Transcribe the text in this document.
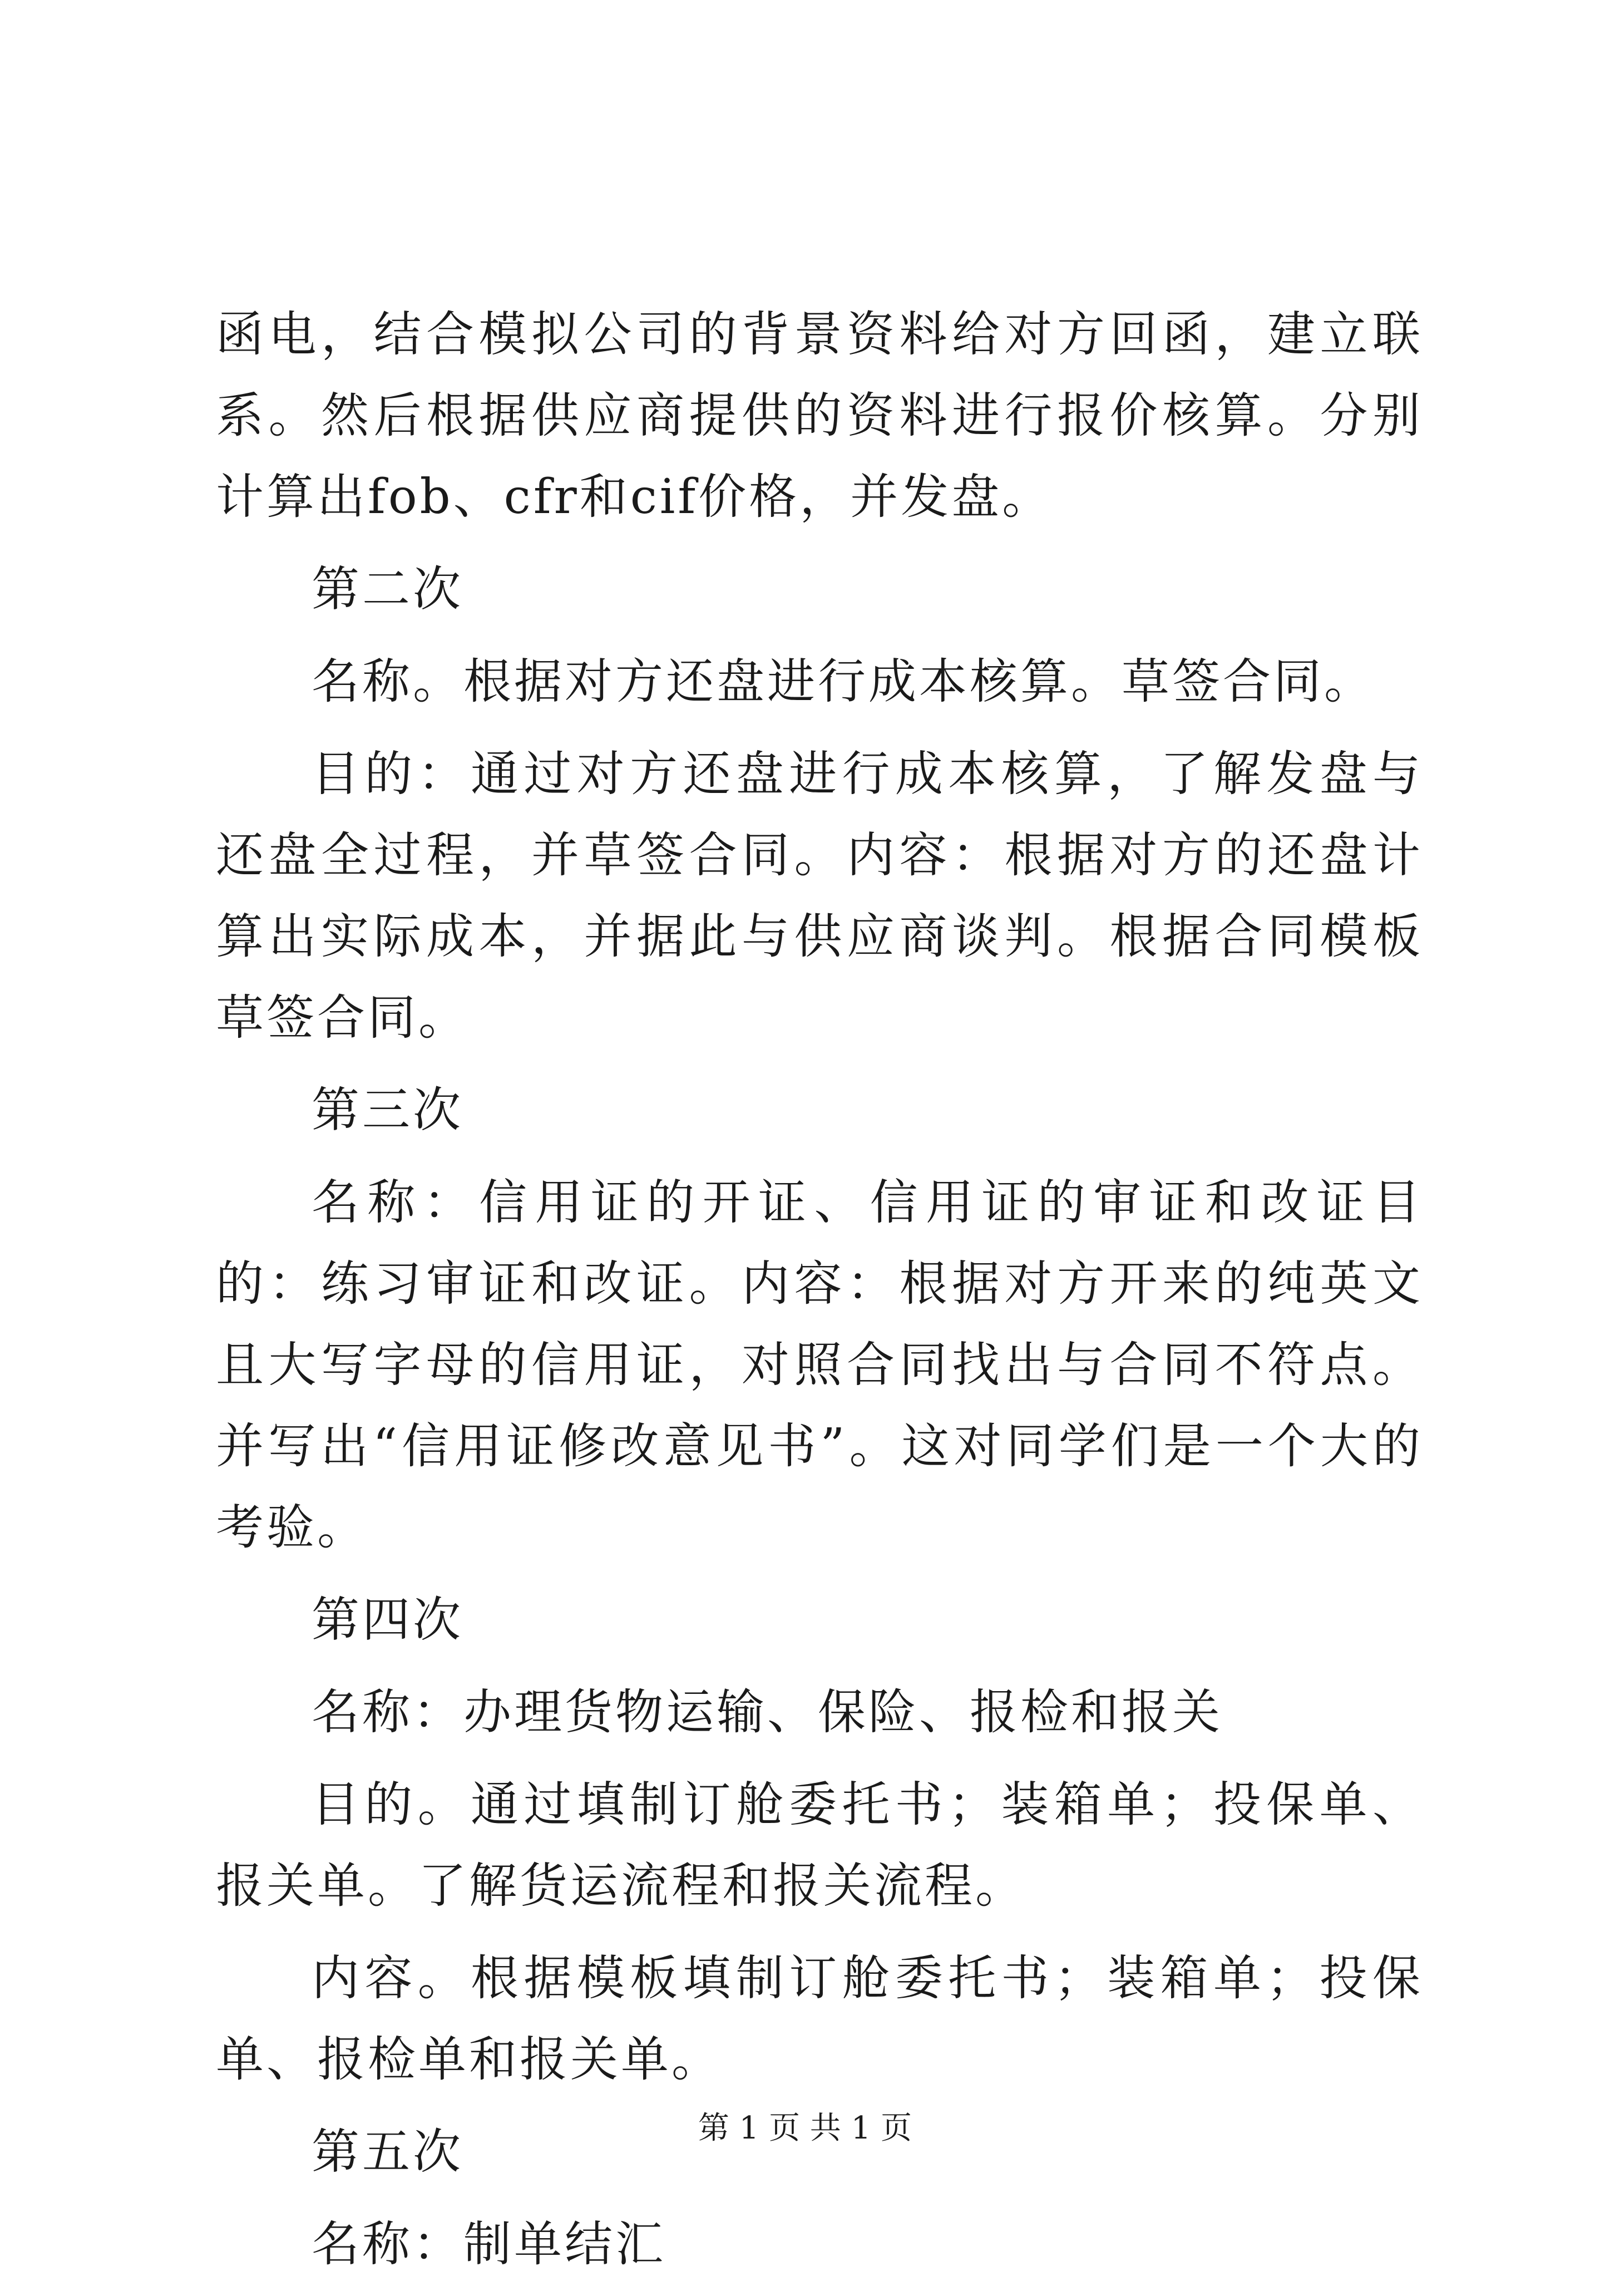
函电，结合模拟公司的背景资料给对方回函，建立联系。然后根据供应商提供的资料进行报价核算。分别计算出fob、cfr和cif价格，并发盘。

第二次

名称。根据对方还盘进行成本核算。草签合同。

目的：通过对方还盘进行成本核算，了解发盘与还盘全过程，并草签合同。内容：根据对方的还盘计算出实际成本，并据此与供应商谈判。根据合同模板草签合同。

第三次

名称：信用证的开证、信用证的审证和改证目的：练习审证和改证。内容：根据对方开来的纯英文且大写字母的信用证，对照合同找出与合同不符点。并写出“信用证修改意见书”。这对同学们是一个大的考验。

第四次

名称：办理货物运输、保险、报检和报关

目的。通过填制订舱委托书；装箱单；投保单、报关单。了解货运流程和报关流程。

内容。根据模板填制订舱委托书；装箱单；投保单、报检单和报关单。

第五次

名称：制单结汇

第 1 页 共 1 页
